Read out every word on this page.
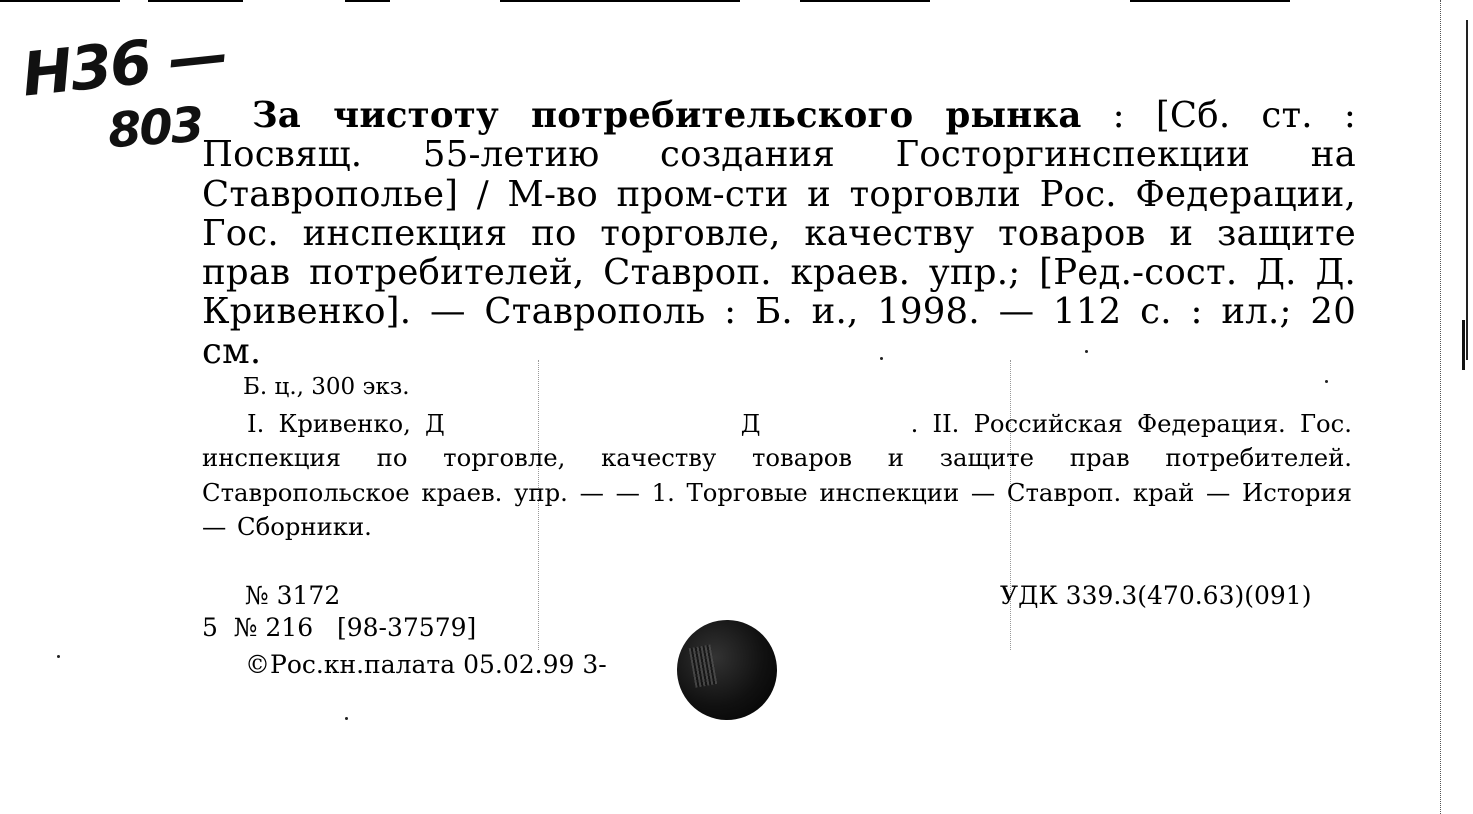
Н36 —
803	За чистоту потребительского рынка : [Сб. ст. : Посвящ. 55-летию создания Госторгинспекции на Ставрополье] / М-во пром-сти и торговли Рос. Федерации, Гос. инспекция по торговле, качеству товаров и защите прав потребителей, Ставроп. краев. упр.; [Ред.-сост. Д. Д. Кривенко]. — Ставрополь : Б. и., 1998. — 112 с. : ил.; 20 см.
Б. ц., 300 экз.
I. Кривенко, Д	Д	. II. Российская Федерация. Гос. инспекция по торговле, качеству товаров и защите прав потребителей. Ставропольское краев. упр. — — 1. Торговые инспекции — Ставроп. край — История — Сборники.
№ 3172
5  № 216   [98-37579]
©Рос.кн.палата 05.02.99 3-
УДК 339.3(470.63)(091)
